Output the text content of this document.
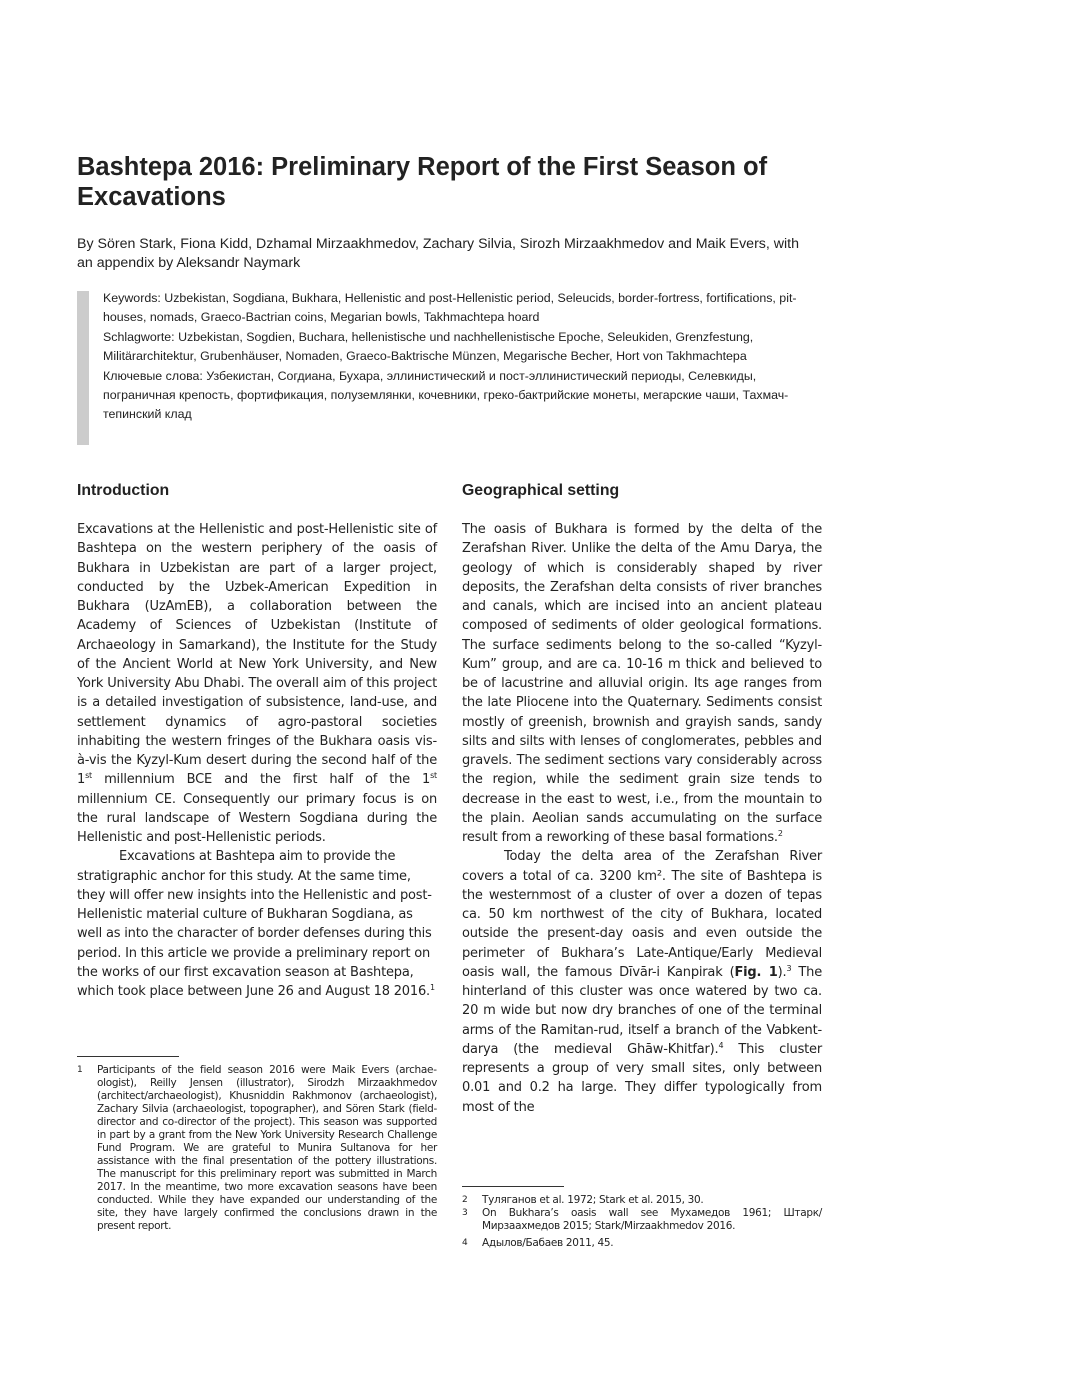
Bashtepa 2016: Preliminary Report of the First Season of Excavations

By Sören Stark, Fiona Kidd, Dzhamal Mirzaakhmedov, Zachary Silvia, Sirozh Mirzaakhmedov and Maik Evers, with an appendix by Aleksandr Naymark

Keywords: Uzbekistan, Sogdiana, Bukhara, Hellenistic and post-Hellenistic period, Seleucids, border-fortress, fortifications, pit-houses, nomads, Graeco-Bactrian coins, Megarian bowls, Takhmachtepa hoard

Schlagworte: Uzbekistan, Sogdien, Buchara, hellenistische und nachhellenistische Epoche, Seleukiden, Grenzfestung, Militärarchitektur, Grubenhäuser, Nomaden, Graeco-Baktrische Münzen, Megarische Becher, Hort von Takhmachtepa

Ключевые слова: Узбекистан, Согдиана, Бухара, эллинистический и пост-эллинистический периоды, Селевкиды, пограничная крепость, фортификация, полуземлянки, кочевники, греко-бактрийские монеты, мегарские чаши, Тахмач-тепинский клад

Introduction	Geographical setting

Excavations at the Hellenistic and post-Hellenistic site of Bashtepa on the western periphery of the oasis of Bukhara in Uzbekistan are part of a larger project, conducted by the Uzbek-American Expedition in Bukhara (UzAmEB), a collaboration between the Academy of Sciences of Uzbekistan (Institute of Archaeology in Samarkand), the Institute for the Study of the Ancient World at New York University, and New York University Abu Dhabi. The overall aim of this project is a detailed investigation of subsistence, land-use, and settlement dynamics of agro-pastoral societies inhabiting the western fringes of the Bukhara oasis vis-à-vis the Kyzyl-Kum desert during the second half of the 1st millennium BCE and the first half of the 1st millennium CE. Consequently our primary focus is on the rural landscape of Western Sogdiana during the Hellenistic and post-Hellenistic periods.

Excavations at Bashtepa aim to provide the stratigraphic anchor for this study. At the same time, they will offer new insights into the Hellenistic and post-Hellenistic material culture of Bukharan Sogdiana, as well as into the character of border defenses during this period. In this article we provide a preliminary report on the works of our first excavation season at Bashtepa, which took place between June 26 and August 18 2016.$^1$

The oasis of Bukhara is formed by the delta of the Zerafshan River. Unlike the delta of the Amu Darya, the geology of which is considerably shaped by river deposits, the Zerafshan delta consists of river branches and canals, which are incised into an ancient plateau composed of sediments of older geological formations. The surface sediments belong to the so-called “Kyzyl-Kum” group, and are ca. 10-16 m thick and believed to be of lacustrine and alluvial origin. Its age ranges from the late Pliocene into the Quaternary. Sediments consist mostly of greenish, brownish and grayish sands, sandy silts and silts with lenses of conglomerates, pebbles and gravels. The sediment sections vary considerably across the region, while the sediment grain size tends to decrease in the east to west, i.e., from the mountain to the plain. Aeolian sands accumulating on the surface result from a reworking of these basal formations.$^2$

Today the delta area of the Zerafshan River covers a total of ca. 3200 km². The site of Bashtepa is the westernmost of a cluster of over a dozen of tepas ca. 50 km northwest of the city of Bukhara, located outside the present-day oasis and even outside the perimeter of Bukhara’s Late-Antique/Early Medieval oasis wall, the famous Dīvār-i Kanpirak (Fig. 1).$^3$ The hinterland of this cluster was once watered by two ca. 20 m wide but now dry branches of one of the terminal arms of the Ramitan-rud, itself a branch of the Vabkent-darya (the medieval Ghāw-Khitfar).$^4$ This cluster represents a group of very small sites, only between 0.01 and 0.2 ha large. They differ typologically from most of the

1 Participants of the field season 2016 were Maik Evers (archaeologist), Reilly Jensen (illustrator), Sirodzh Mirzaakhmedov (architect/archaeologist), Khusniddin Rakhmonov (archaeologist), Zachary Silvia (archaeologist, topographer), and Sören Stark (field-director and co-director of the project). This season was supported in part by a grant from the New York University Research Challenge Fund Program. We are grateful to Munira Sultanova for her assistance with the final presentation of the pottery illustrations. The manuscript for this preliminary report was submitted in March 2017. In the meantime, two more excavation seasons have been conducted. While they have expanded our understanding of the site, they have largely confirmed the conclusions drawn in the present report.
2 Туляганов et al. 1972; Stark et al. 2015, 30.
3 On Bukhara’s oasis wall see Мухамедов 1961; Штарк/ Мирзаахмедов 2015; Stark/Mirzaakhmedov 2016.
4 Адылов/Бабаев 2011, 45.
